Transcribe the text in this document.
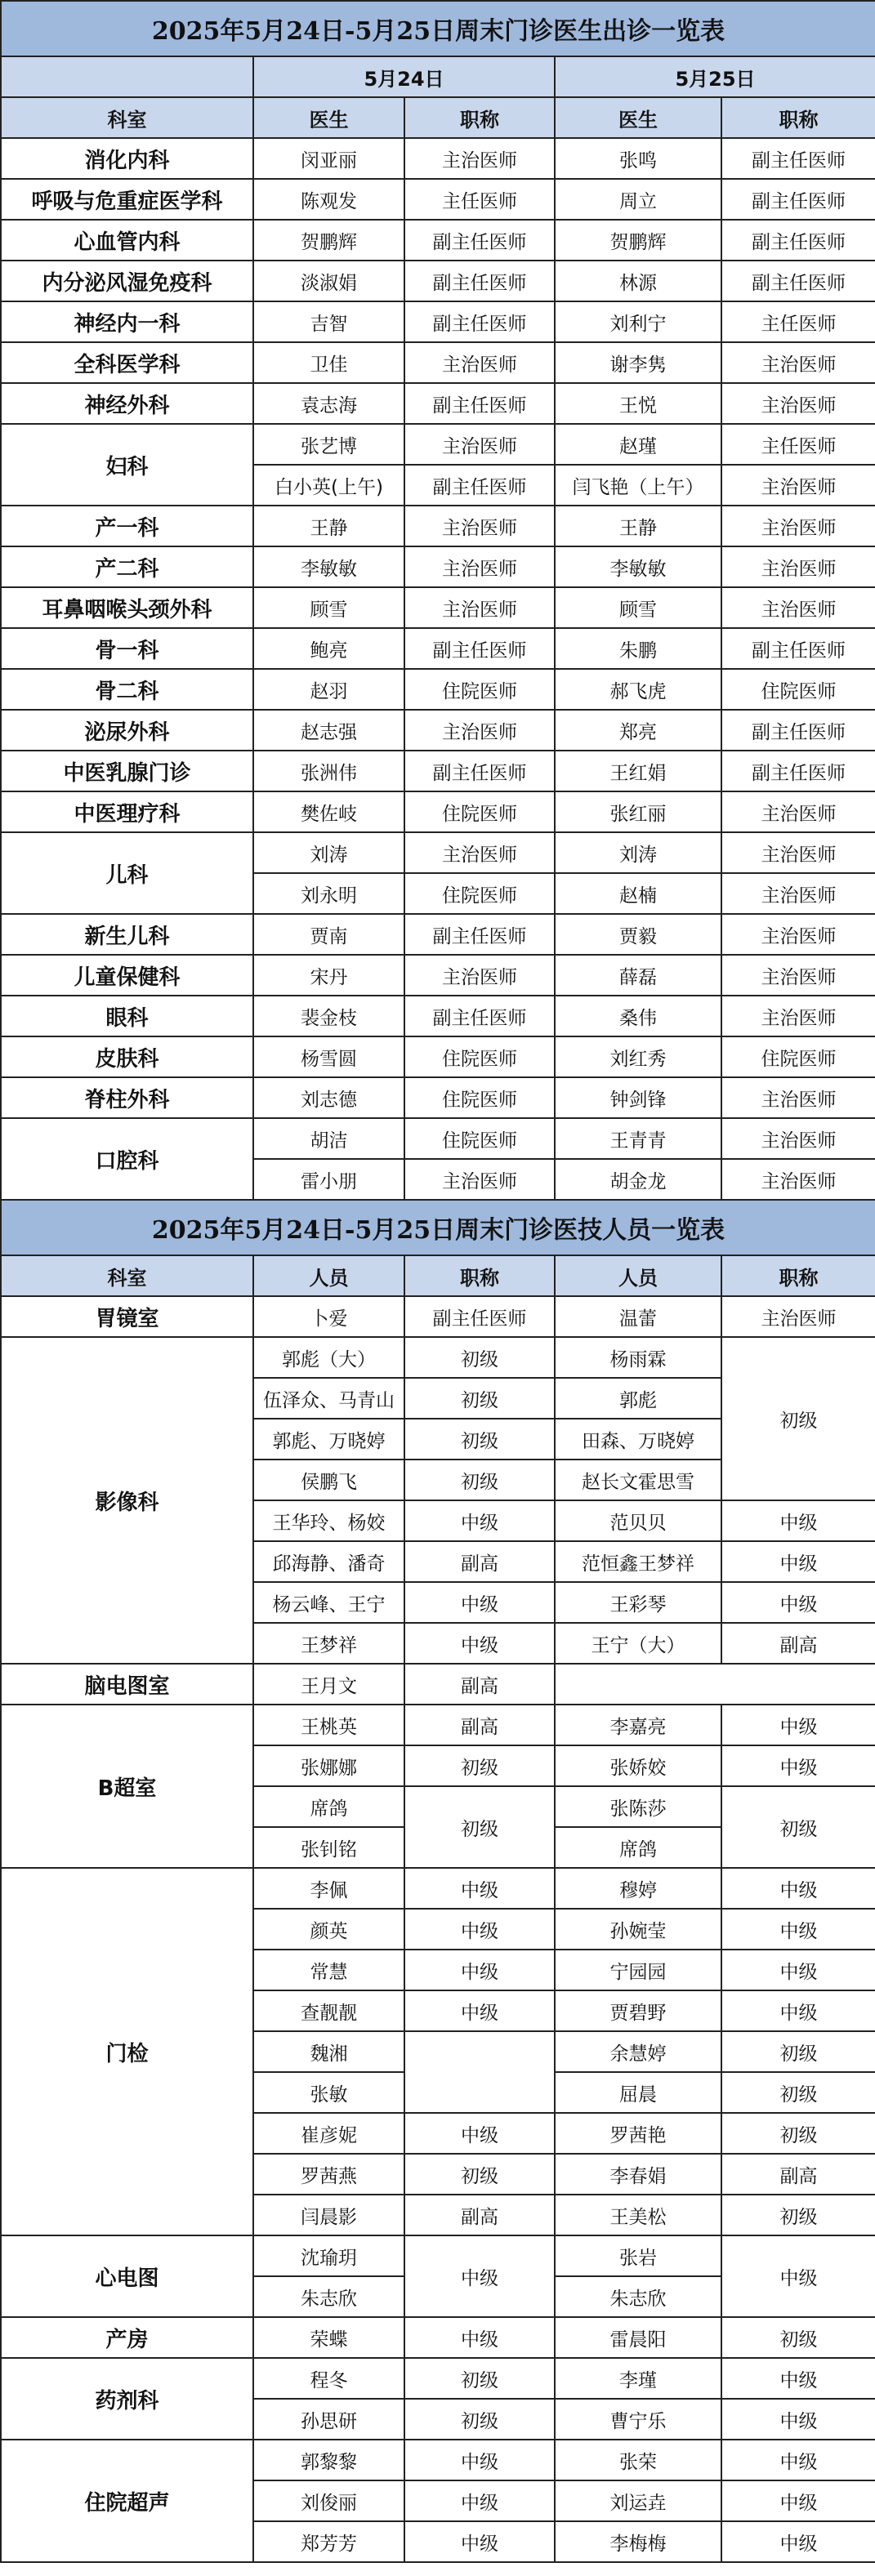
2025年5月24日-5月25日周末门诊医生出诊一览表				
	5月24日		5月25日	
科室	医生	职称	医生	职称
消化内科	闵亚丽	主治医师	张鸣	副主任医师
呼吸与危重症医学科	陈观发	主任医师	周立	副主任医师
心血管内科	贺鹏辉	副主任医师	贺鹏辉	副主任医师
内分泌风湿免疫科	淡淑娟	副主任医师	林源	副主任医师
神经内一科	吉智	副主任医师	刘利宁	主任医师
全科医学科	卫佳	主治医师	谢李隽	主治医师
神经外科	袁志海	副主任医师	王悦	主治医师
妇科	张艺博	主治医师	赵瑾	主任医师
	白小英(上午)	副主任医师	闫飞艳（上午）	主治医师
产一科	王静	主治医师	王静	主治医师
产二科	李敏敏	主治医师	李敏敏	主治医师
耳鼻咽喉头颈外科	顾雪	主治医师	顾雪	主治医师
骨一科	鲍亮	副主任医师	朱鹏	副主任医师
骨二科	赵羽	住院医师	郝飞虎	住院医师
泌尿外科	赵志强	主治医师	郑亮	副主任医师
中医乳腺门诊	张洲伟	副主任医师	王红娟	副主任医师
中医理疗科	樊佐岐	住院医师	张红丽	主治医师
儿科	刘涛	主治医师	刘涛	主治医师
	刘永明	住院医师	赵楠	主治医师
新生儿科	贾南	副主任医师	贾毅	主治医师
儿童保健科	宋丹	主治医师	薛磊	主治医师
眼科	裴金枝	副主任医师	桑伟	主治医师
皮肤科	杨雪圆	住院医师	刘红秀	住院医师
脊柱外科	刘志德	住院医师	钟剑锋	主治医师
口腔科	胡洁	住院医师	王青青	主治医师
	雷小朋	主治医师	胡金龙	主治医师
2025年5月24日-5月25日周末门诊医技人员一览表				
科室	人员	职称	人员	职称
胃镜室	卜爱	副主任医师	温蕾	主治医师
影像科	郭彪（大）	初级	杨雨霖	初级
	伍泽众、马青山	初级	郭彪	
	郭彪、万晓婷	初级	田森、万晓婷	
	侯鹏飞	初级	赵长文霍思雪	
	王华玲、杨姣	中级	范贝贝	中级
	邱海静、潘奇	副高	范恒鑫王梦祥	中级
	杨云峰、王宁	中级	王彩琴	中级
	王梦祥	中级	王宁（大）	副高
脑电图室	王月文	副高		
B超室	王桃英	副高	李嘉亮	中级
	张娜娜	初级	张娇姣	中级
	席鸽	初级	张陈莎	初级
	张钊铭		席鸽	
门检	李佩	中级	穆婷	中级
	颜英	中级	孙婉莹	中级
	常慧	中级	宁园园	中级
	查靓靓	中级	贾碧野	中级
	魏湘		余慧婷	初级
	张敏		屈晨	初级
	崔彦妮	中级	罗茜艳	初级
	罗茜燕	初级	李春娟	副高
	闫晨影	副高	王美松	初级
心电图	沈瑜玥	中级	张岩	中级
	朱志欣		朱志欣	
产房	荣蝶	中级	雷晨阳	初级
药剂科	程冬	初级	李瑾	中级
	孙思研	初级	曹宁乐	中级
住院超声	郭黎黎	中级	张荣	中级
	刘俊丽	中级	刘运垚	中级
	郑芳芳	中级	李梅梅	中级
